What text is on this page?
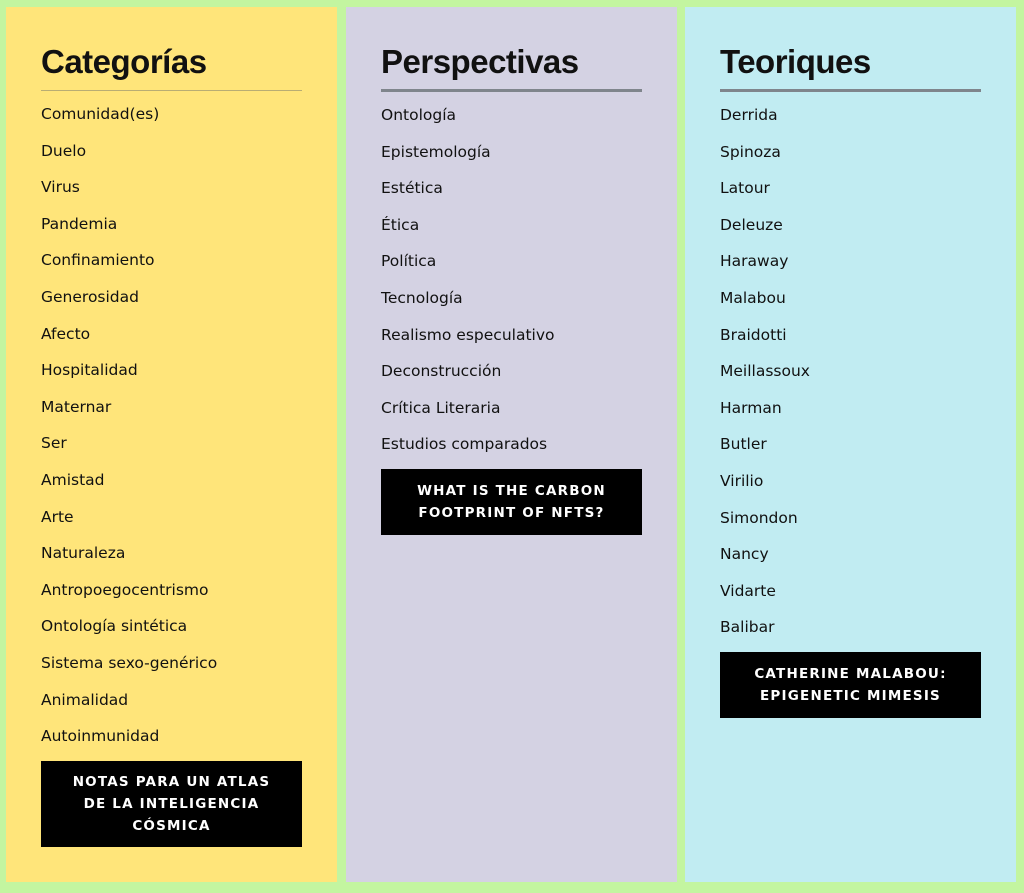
Categorías
Comunidad(es)
Duelo
Virus
Pandemia
Confinamiento
Generosidad
Afecto
Hospitalidad
Maternar
Ser
Amistad
Arte
Naturaleza
Antropoegocentrismo
Ontología sintética
Sistema sexo-genérico
Animalidad
Autoinmunidad
NOTAS PARA UN ATLAS DE LA INTELIGENCIA CÓSMICA
Perspectivas
Ontología
Epistemología
Estética
Ética
Política
Tecnología
Realismo especulativo
Deconstrucción
Crítica Literaria
Estudios comparados
WHAT IS THE CARBON FOOTPRINT OF NFTS?
Teoriques
Derrida
Spinoza
Latour
Deleuze
Haraway
Malabou
Braidotti
Meillassoux
Harman
Butler
Virilio
Simondon
Nancy
Vidarte
Balibar
CATHERINE MALABOU: EPIGENETIC MIMESIS
